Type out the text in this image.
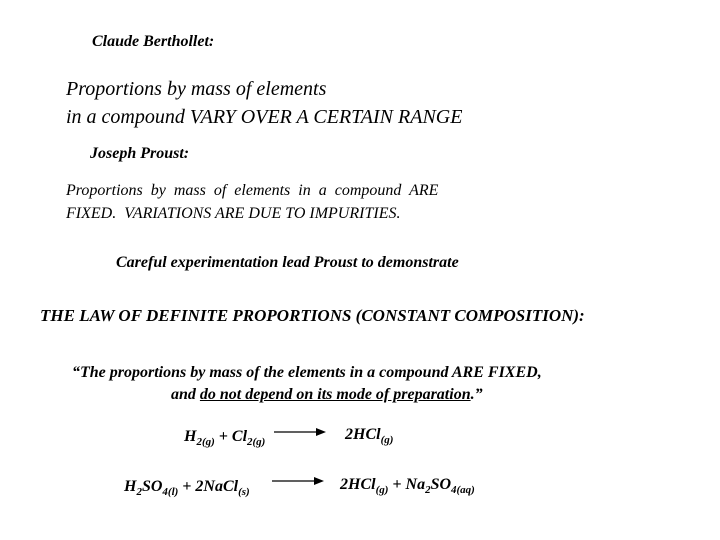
Claude Berthollet:
Proportions by mass of elements
in a compound VARY OVER A CERTAIN RANGE
Joseph Proust:
Proportions  by  mass  of  elements  in  a  compound  ARE
FIXED.  VARIATIONS ARE DUE TO IMPURITIES.
Careful experimentation lead Proust to demonstrate
THE LAW OF DEFINITE PROPORTIONS (CONSTANT COMPOSITION):
“The proportions by mass of the elements in a compound ARE FIXED,
and do not depend on its mode of preparation.”
$H_{2(g)} + Cl_{2(g)}$	2HCl$_{(g)}$
$H_2SO_{4(l)}$ + 2NaCl$_{(s)}$	$2HCl_{(g)} + Na_2SO_{4(aq)}$
